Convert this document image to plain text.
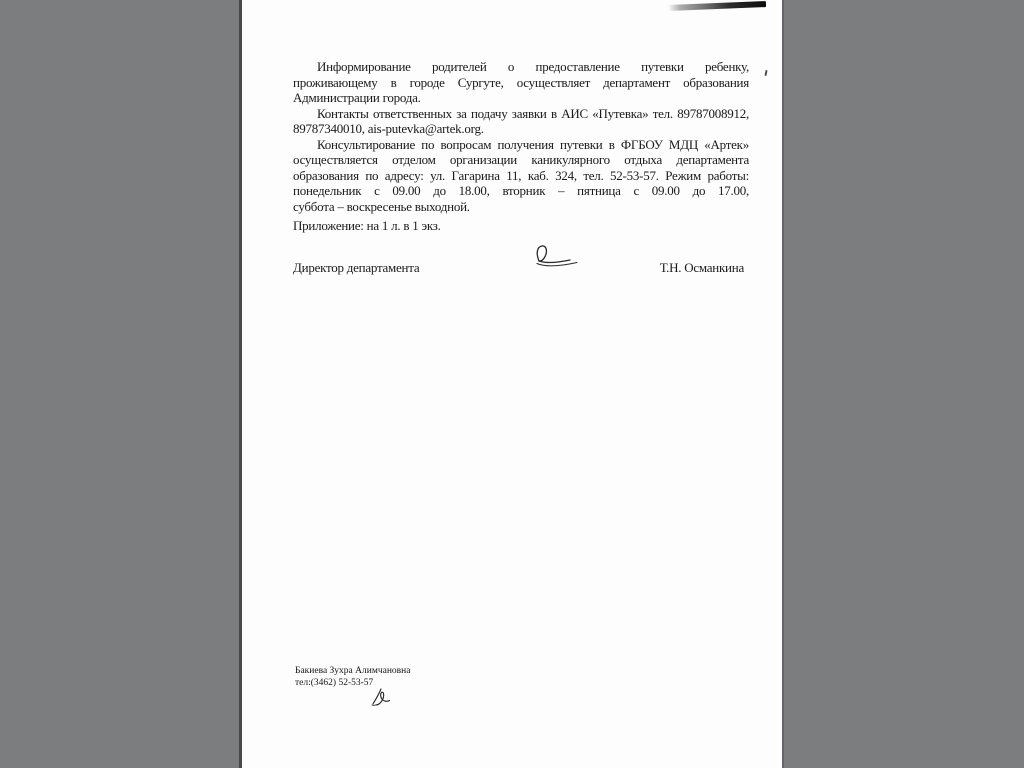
Информирование родителей о предоставление путевки ребенку,
проживающему в городе Сургуте, осуществляет департамент образования
Администрации города.
Контакты ответственных за подачу заявки в АИС «Путевка» тел. 89787008912,
89787340010, ais-putevka@artek.org.
Консультирование по вопросам получения путевки в ФГБОУ МДЦ «Артек»
осуществляется отделом организации каникулярного отдыха департамента
образования по адресу: ул. Гагарина 11, каб. 324, тел. 52-53-57. Режим работы:
понедельник с 09.00 до 18.00, вторник – пятница с 09.00 до 17.00,
суббота – воскресенье выходной.
Приложение: на 1 л. в 1 экз.
Директор департамента	Т.Н. Османкина
Бакиева Зухра Алимчановна
тел:(3462) 52-53-57
